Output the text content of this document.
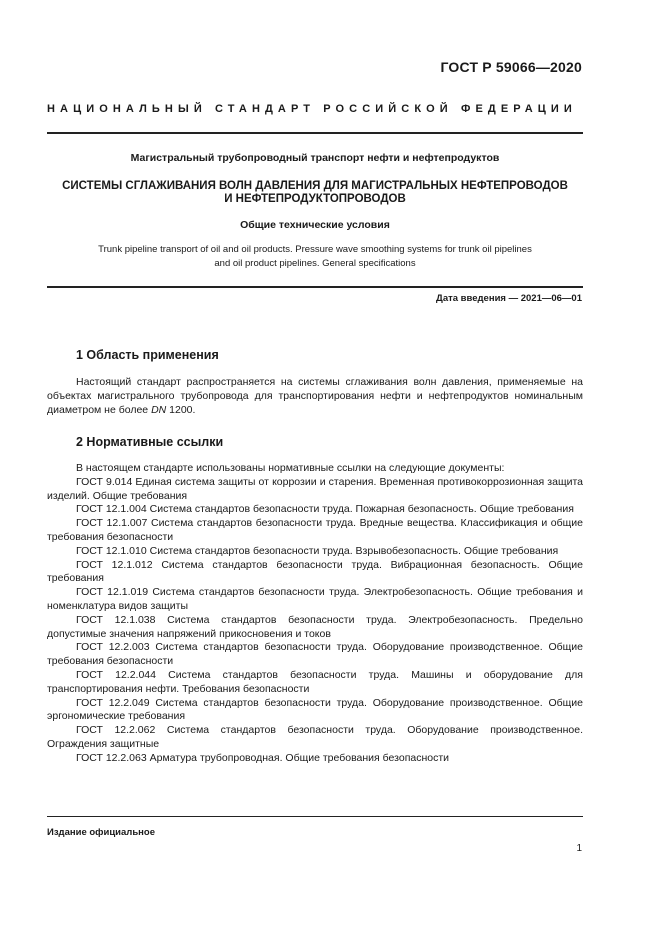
ГОСТ Р 59066—2020
НАЦИОНАЛЬНЫЙ СТАНДАРТ РОССИЙСКОЙ ФЕДЕРАЦИИ
Магистральный трубопроводный транспорт нефти и нефтепродуктов
СИСТЕМЫ СГЛАЖИВАНИЯ ВОЛН ДАВЛЕНИЯ ДЛЯ МАГИСТРАЛЬНЫХ НЕФТЕПРОВОДОВ
И НЕФТЕПРОДУКТОПРОВОДОВ
Общие технические условия
Trunk pipeline transport of oil and oil products. Pressure wave smoothing systems for trunk oil pipelines
and oil product pipelines. General specifications
Дата введения — 2021—06—01
1 Область применения

Настоящий стандарт распространяется на системы сглаживания волн давления, применяемые на объектах магистрального трубопровода для транспортирования нефти и нефтепродуктов номинальным диаметром не более DN 1200.

2 Нормативные ссылки

В настоящем стандарте использованы нормативные ссылки на следующие документы:

ГОСТ 9.014 Единая система защиты от коррозии и старения. Временная противокоррозионная защита изделий. Общие требования

ГОСТ 12.1.004 Система стандартов безопасности труда. Пожарная безопасность. Общие требования

ГОСТ 12.1.007 Система стандартов безопасности труда. Вредные вещества. Классификация и общие требования безопасности

ГОСТ 12.1.010 Система стандартов безопасности труда. Взрывобезопасность. Общие требования

ГОСТ 12.1.012 Система стандартов безопасности труда. Вибрационная безопасность. Общие требования

ГОСТ 12.1.019 Система стандартов безопасности труда. Электробезопасность. Общие требования и номенклатура видов защиты

ГОСТ 12.1.038 Система стандартов безопасности труда. Электробезопасность. Предельно допустимые значения напряжений прикосновения и токов

ГОСТ 12.2.003 Система стандартов безопасности труда. Оборудование производственное. Общие требования безопасности

ГОСТ 12.2.044 Система стандартов безопасности труда. Машины и оборудование для транспортирования нефти. Требования безопасности

ГОСТ 12.2.049 Система стандартов безопасности труда. Оборудование производственное. Общие эргономические требования

ГОСТ 12.2.062 Система стандартов безопасности труда. Оборудование производственное. Ограждения защитные

ГОСТ 12.2.063 Арматура трубопроводная. Общие требования безопасности

Издание официальное
1
